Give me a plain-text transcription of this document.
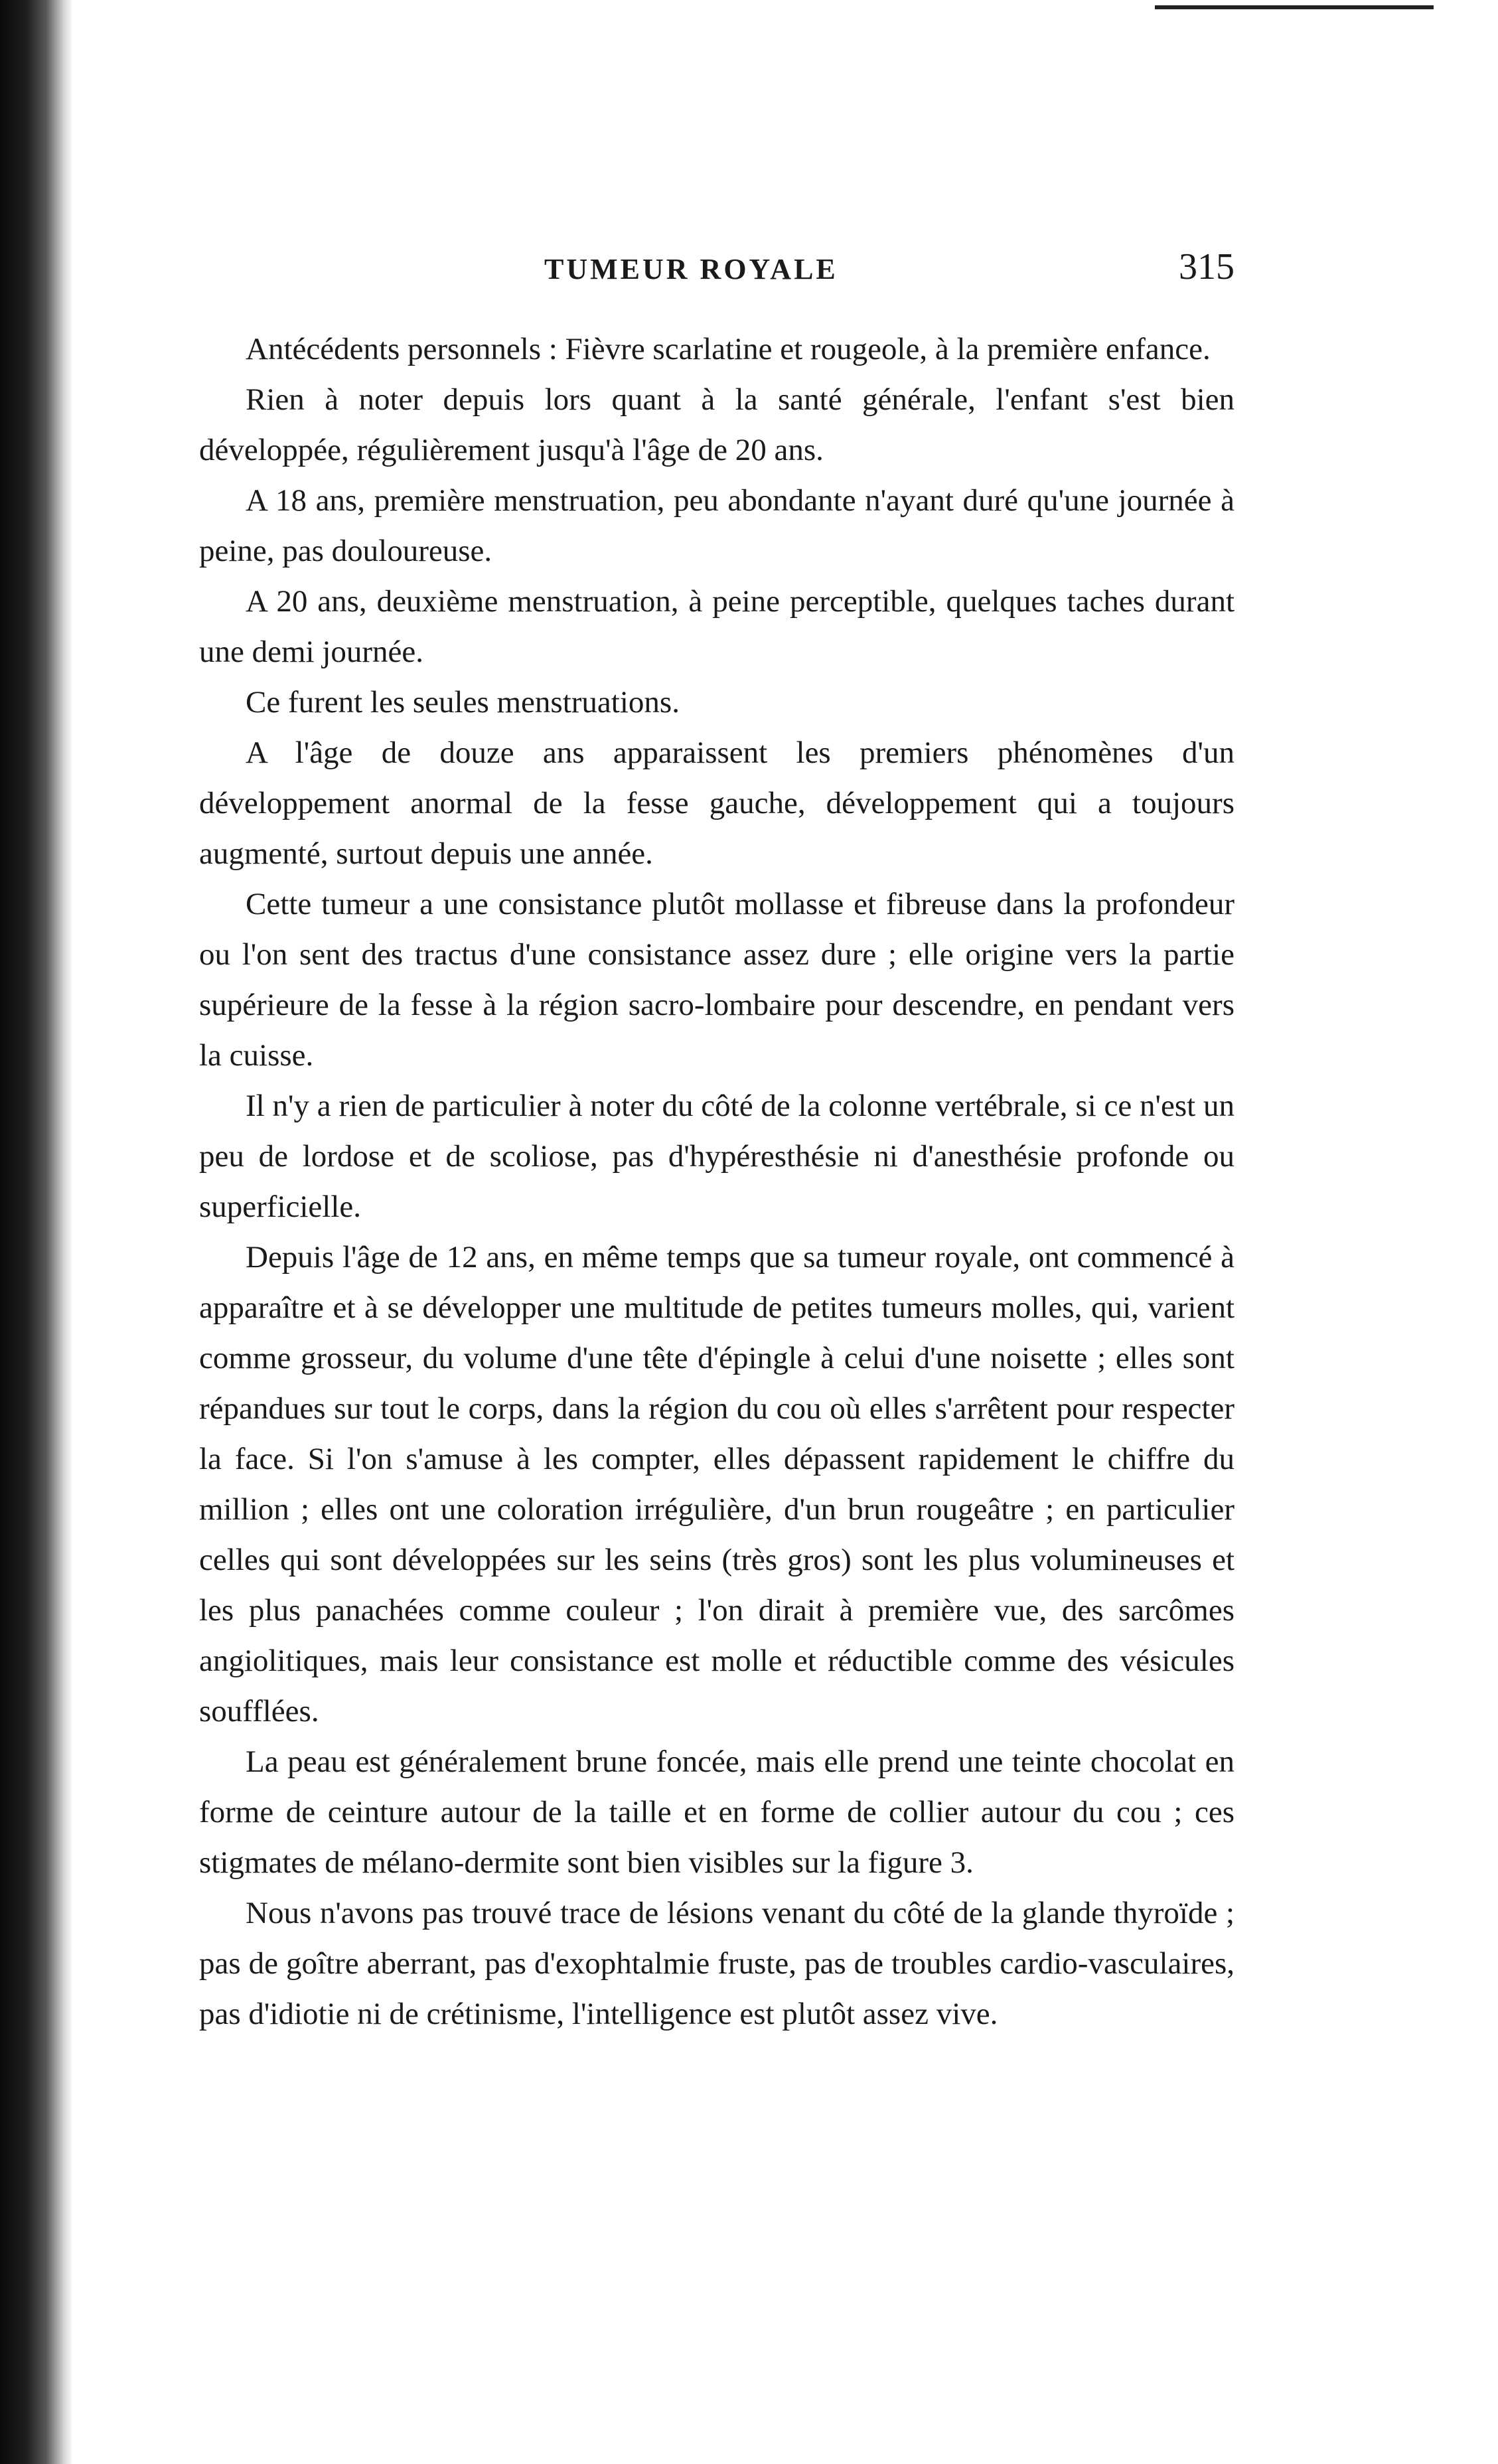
TUMEUR ROYALE	315

Antécédents personnels : Fièvre scarlatine et rougeole, à la première enfance.

Rien à noter depuis lors quant à la santé générale, l'enfant s'est bien développée, régulièrement jusqu'à l'âge de 20 ans.

A 18 ans, première menstruation, peu abondante n'ayant duré qu'une journée à peine, pas douloureuse.

A 20 ans, deuxième menstruation, à peine perceptible, quelques taches durant une demi journée.

Ce furent les seules menstruations.

A l'âge de douze ans apparaissent les premiers phénomènes d'un développement anormal de la fesse gauche, développement qui a toujours augmenté, surtout depuis une année.

Cette tumeur a une consistance plutôt mollasse et fibreuse dans la profondeur ou l'on sent des tractus d'une consistance assez dure ; elle origine vers la partie supérieure de la fesse à la région sacro-lombaire pour descendre, en pendant vers la cuisse.

Il n'y a rien de particulier à noter du côté de la colonne vertébrale, si ce n'est un peu de lordose et de scoliose, pas d'hypéresthésie ni d'anesthésie profonde ou superficielle.

Depuis l'âge de 12 ans, en même temps que sa tumeur royale, ont commencé à apparaître et à se développer une multitude de petites tumeurs molles, qui, varient comme grosseur, du volume d'une tête d'épingle à celui d'une noisette ; elles sont répandues sur tout le corps, dans la région du cou où elles s'arrêtent pour respecter la face. Si l'on s'amuse à les compter, elles dépassent rapidement le chiffre du million ; elles ont une coloration irrégulière, d'un brun rougeâtre ; en particulier celles qui sont développées sur les seins (très gros) sont les plus volumineuses et les plus panachées comme couleur ; l'on dirait à première vue, des sarcômes angiolitiques, mais leur consistance est molle et réductible comme des vésicules soufflées.

La peau est généralement brune foncée, mais elle prend une teinte chocolat en forme de ceinture autour de la taille et en forme de collier autour du cou ; ces stigmates de mélano-dermite sont bien visibles sur la figure 3.

Nous n'avons pas trouvé trace de lésions venant du côté de la glande thyroïde ; pas de goître aberrant, pas d'exophtalmie fruste, pas de troubles cardio-vasculaires, pas d'idiotie ni de crétinisme, l'intelligence est plutôt assez vive.
